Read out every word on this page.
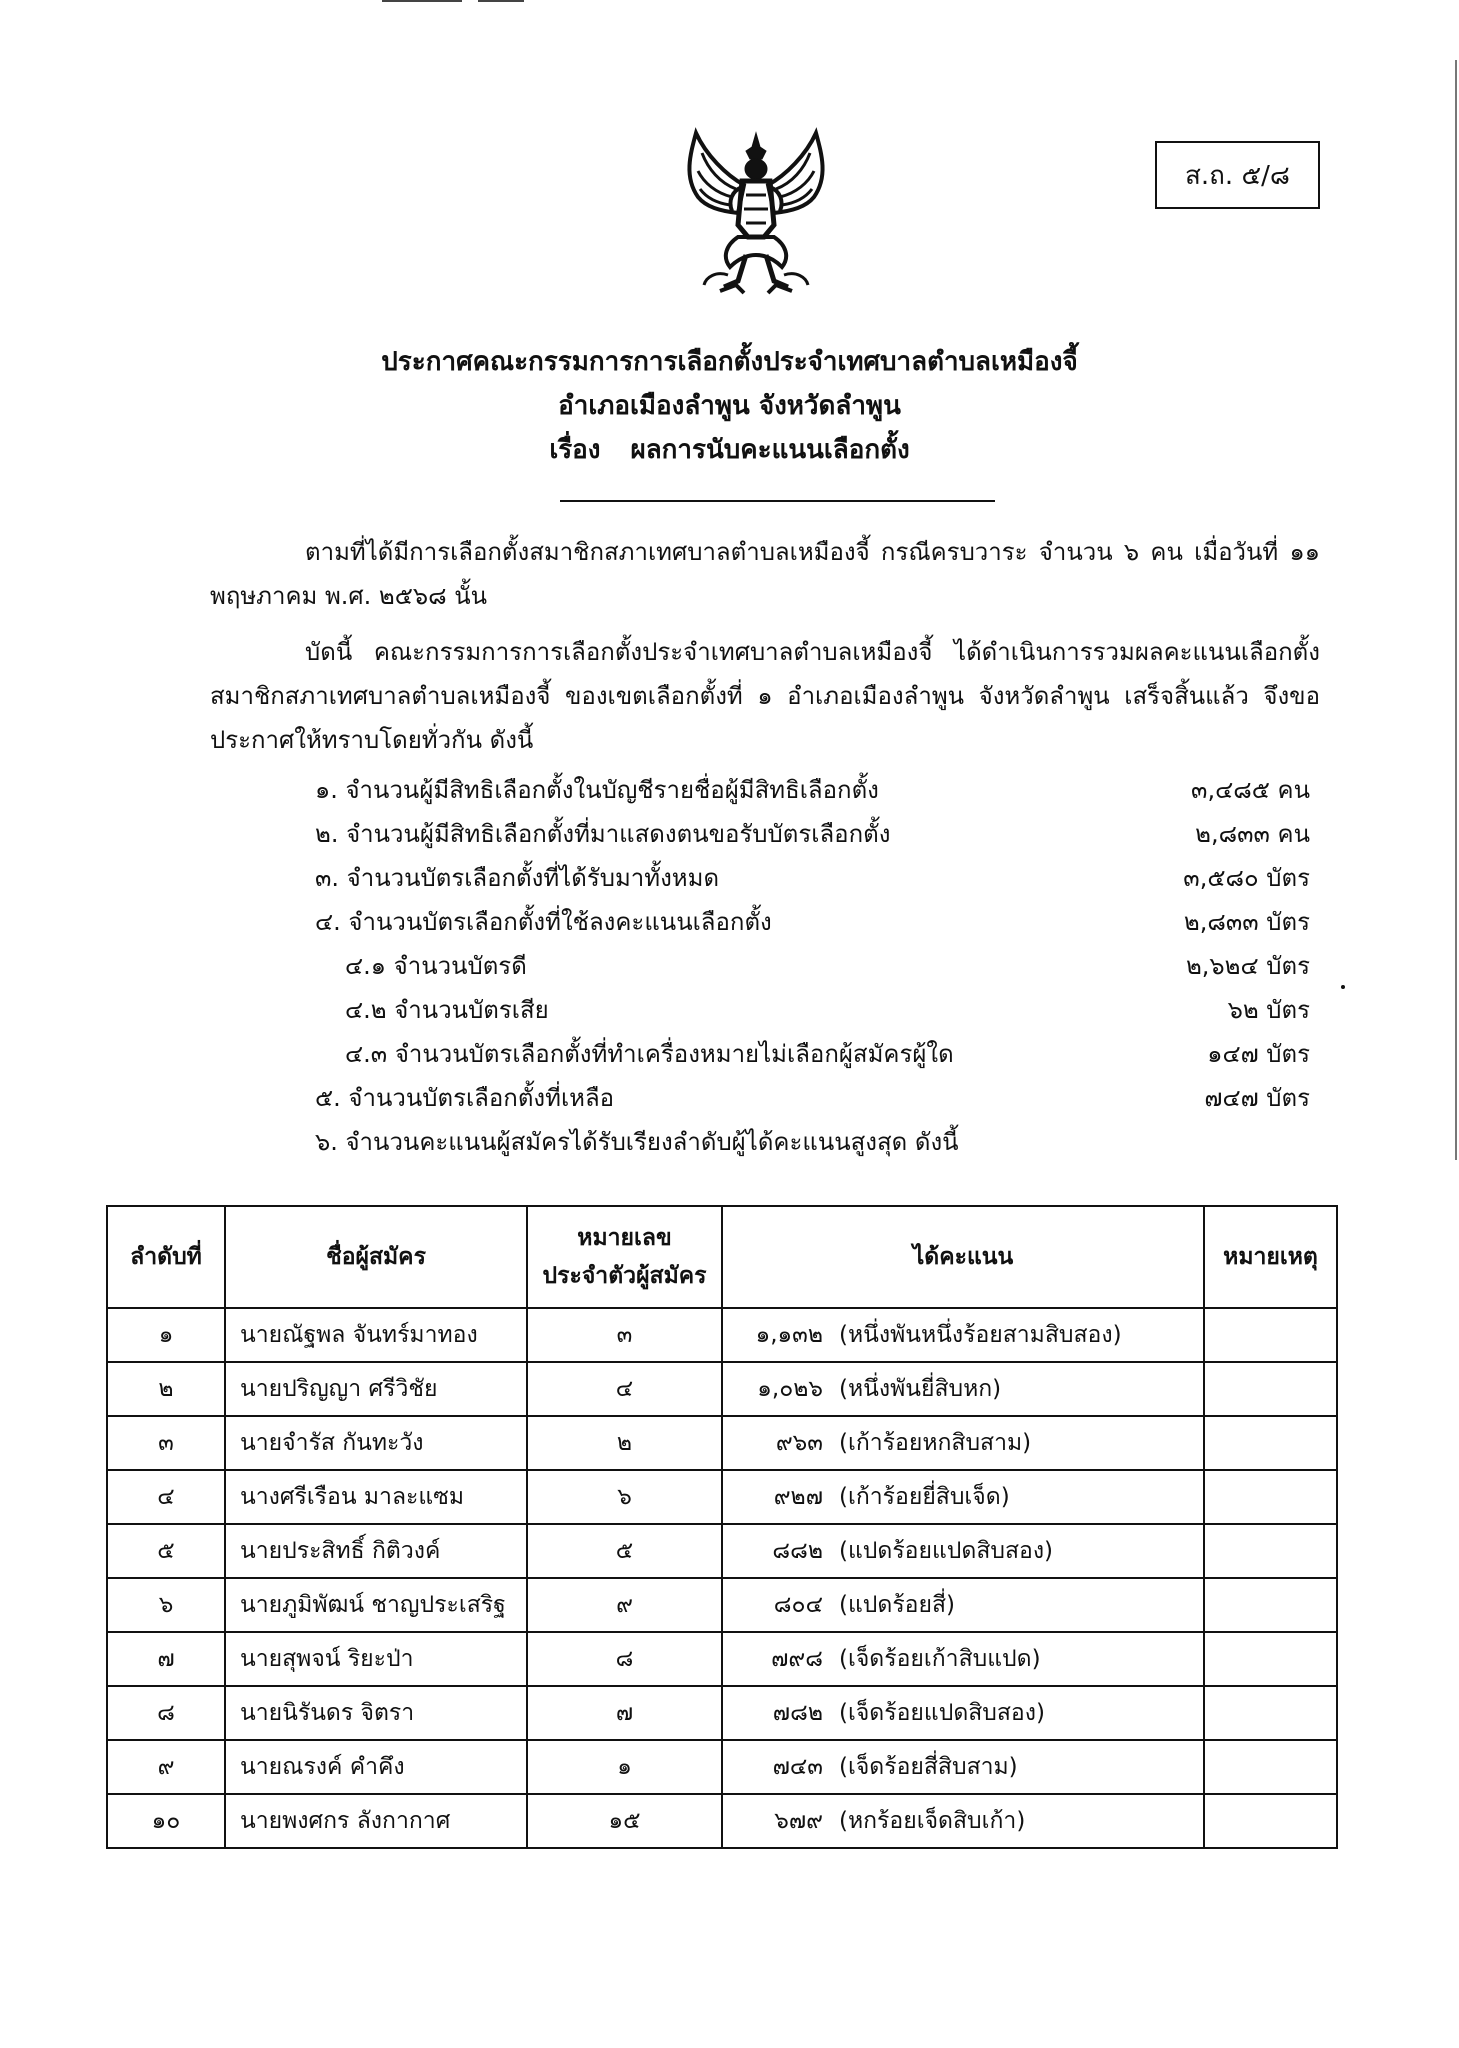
ส.ถ. ๕/๘
ประกาศคณะกรรมการการเลือกตั้งประจำเทศบาลตำบลเหมืองจี้
อำเภอเมืองลำพูน จังหวัดลำพูน
เรื่อง ผลการนับคะแนนเลือกตั้ง
ตามที่ได้มีการเลือกตั้งสมาชิกสภาเทศบาลตำบลเหมืองจี้ กรณีครบวาระ จำนวน ๖ คน เมื่อวันที่ ๑๑ พฤษภาคม พ.ศ. ๒๕๖๘ นั้น
บัดนี้ คณะกรรมการการเลือกตั้งประจำเทศบาลตำบลเหมืองจี้ ได้ดำเนินการรวมผลคะแนนเลือกตั้ง สมาชิกสภาเทศบาลตำบลเหมืองจี้ ของเขตเลือกตั้งที่ ๑ อำเภอเมืองลำพูน จังหวัดลำพูน เสร็จสิ้นแล้ว จึงขอประกาศให้ทราบโดยทั่วกัน ดังนี้
๑. จำนวนผู้มีสิทธิเลือกตั้งในบัญชีรายชื่อผู้มีสิทธิเลือกตั้ง	๓,๔๘๕ คน
๒. จำนวนผู้มีสิทธิเลือกตั้งที่มาแสดงตนขอรับบัตรเลือกตั้ง	๒,๘๓๓ คน
๓. จำนวนบัตรเลือกตั้งที่ได้รับมาทั้งหมด	๓,๕๘๐ บัตร
๔. จำนวนบัตรเลือกตั้งที่ใช้ลงคะแนนเลือกตั้ง	๒,๘๓๓ บัตร
๔.๑ จำนวนบัตรดี	๒,๖๒๔ บัตร
๔.๒ จำนวนบัตรเสีย	๖๒ บัตร
๔.๓ จำนวนบัตรเลือกตั้งที่ทำเครื่องหมายไม่เลือกผู้สมัครผู้ใด	๑๔๗ บัตร
๕. จำนวนบัตรเลือกตั้งที่เหลือ	๗๔๗ บัตร
๖. จำนวนคะแนนผู้สมัครได้รับเรียงลำดับผู้ได้คะแนนสูงสุด ดังนี้
ลำดับที่	ชื่อผู้สมัคร	หมายเลข
ประจำตัวผู้สมัคร	ได้คะแนน	หมายเหตุ
๑	นายณัฐพล จันทร์มาทอง	๓	๑,๑๓๒ (หนึ่งพันหนึ่งร้อยสามสิบสอง)	
๒	นายปริญญา ศรีวิชัย	๔	๑,๐๒๖ (หนึ่งพันยี่สิบหก)	
๓	นายจำรัส กันทะวัง	๒	๙๖๓ (เก้าร้อยหกสิบสาม)	
๔	นางศรีเรือน มาละแซม	๖	๙๒๗ (เก้าร้อยยี่สิบเจ็ด)	
๕	นายประสิทธิ์ กิติวงค์	๕	๘๘๒ (แปดร้อยแปดสิบสอง)	
๖	นายภูมิพัฒน์ ชาญประเสริฐ	๙	๘๐๔ (แปดร้อยสี่)	
๗	นายสุพจน์ ริยะป่า	๘	๗๙๘ (เจ็ดร้อยเก้าสิบแปด)	
๘	นายนิรันดร จิตรา	๗	๗๘๒ (เจ็ดร้อยแปดสิบสอง)	
๙	นายณรงค์ คำคึง	๑	๗๔๓ (เจ็ดร้อยสี่สิบสาม)	
๑๐	นายพงศกร ลังกากาศ	๑๕	๖๗๙ (หกร้อยเจ็ดสิบเก้า)	
